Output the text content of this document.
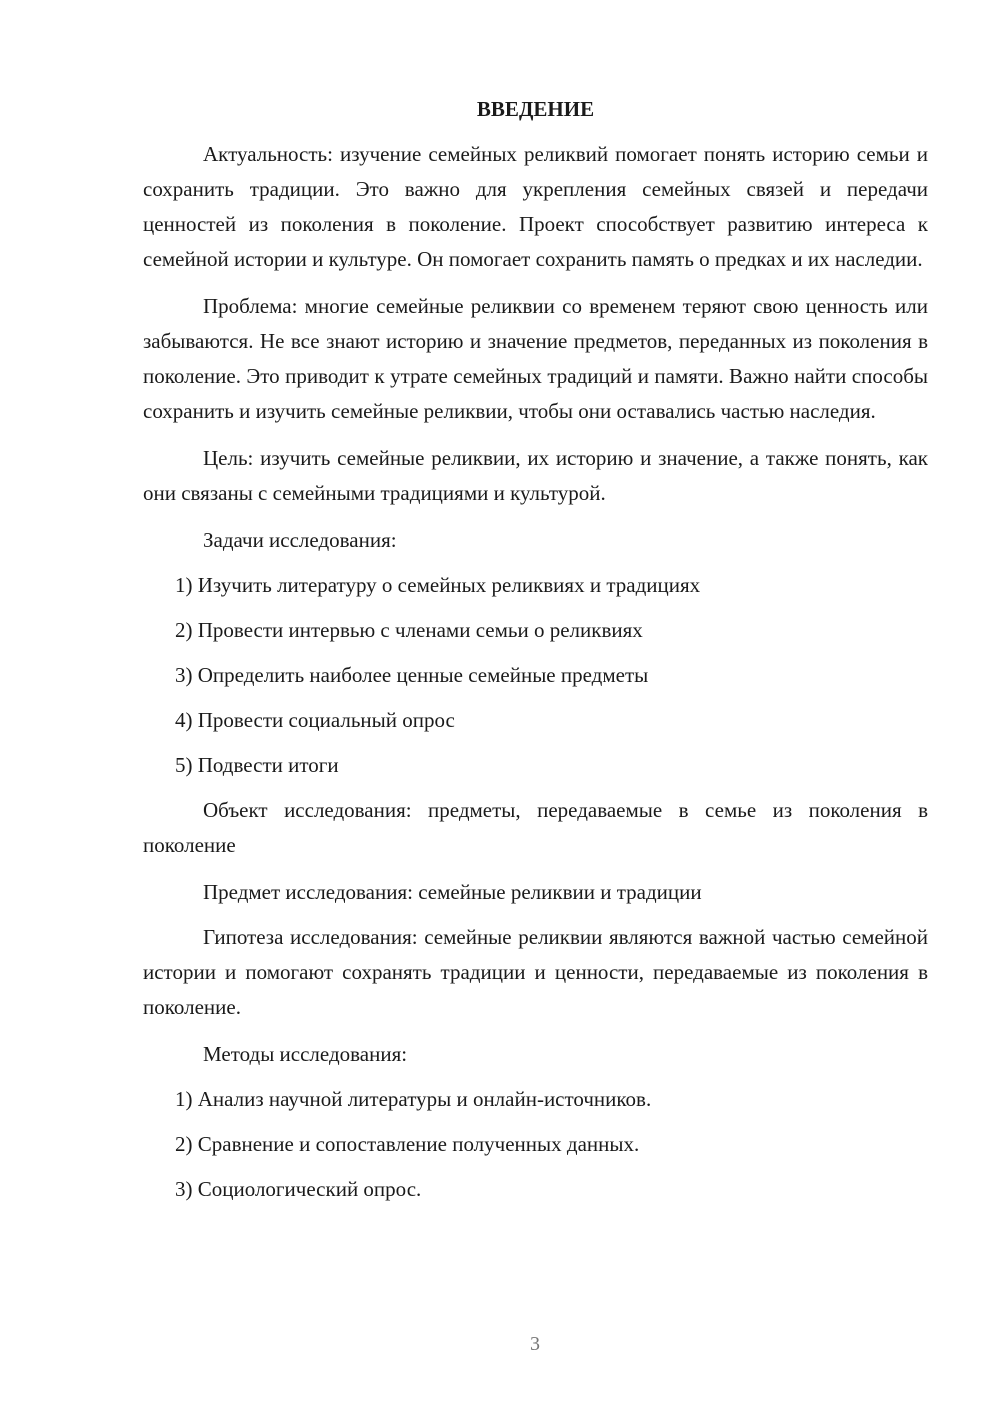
ВВЕДЕНИЕ

Актуальность: изучение семейных реликвий помогает понять историю семьи и сохранить традиции. Это важно для укрепления семейных связей и передачи ценностей из поколения в поколение. Проект способствует развитию интереса к семейной истории и культуре. Он помогает сохранить память о предках и их наследии.

Проблема: многие семейные реликвии со временем теряют свою ценность или забываются. Не все знают историю и значение предметов, переданных из поколения в поколение. Это приводит к утрате семейных традиций и памяти. Важно найти способы сохранить и изучить семейные реликвии, чтобы они оставались частью наследия.

Цель: изучить семейные реликвии, их историю и значение, а также понять, как они связаны с семейными традициями и культурой.

Задачи исследования:

1) Изучить литературу о семейных реликвиях и традициях
2) Провести интервью с членами семьи о реликвиях
3) Определить наиболее ценные семейные предметы
4) Провести социальный опрос
5) Подвести итоги

Объект исследования: предметы, передаваемые в семье из поколения в поколение

Предмет исследования: семейные реликвии и традиции

Гипотеза исследования: семейные реликвии являются важной частью семейной истории и помогают сохранять традиции и ценности, передаваемые из поколения в поколение.

Методы исследования:

1) Анализ научной литературы и онлайн-источников.
2) Сравнение и сопоставление полученных данных.
3) Социологический опрос.
3
